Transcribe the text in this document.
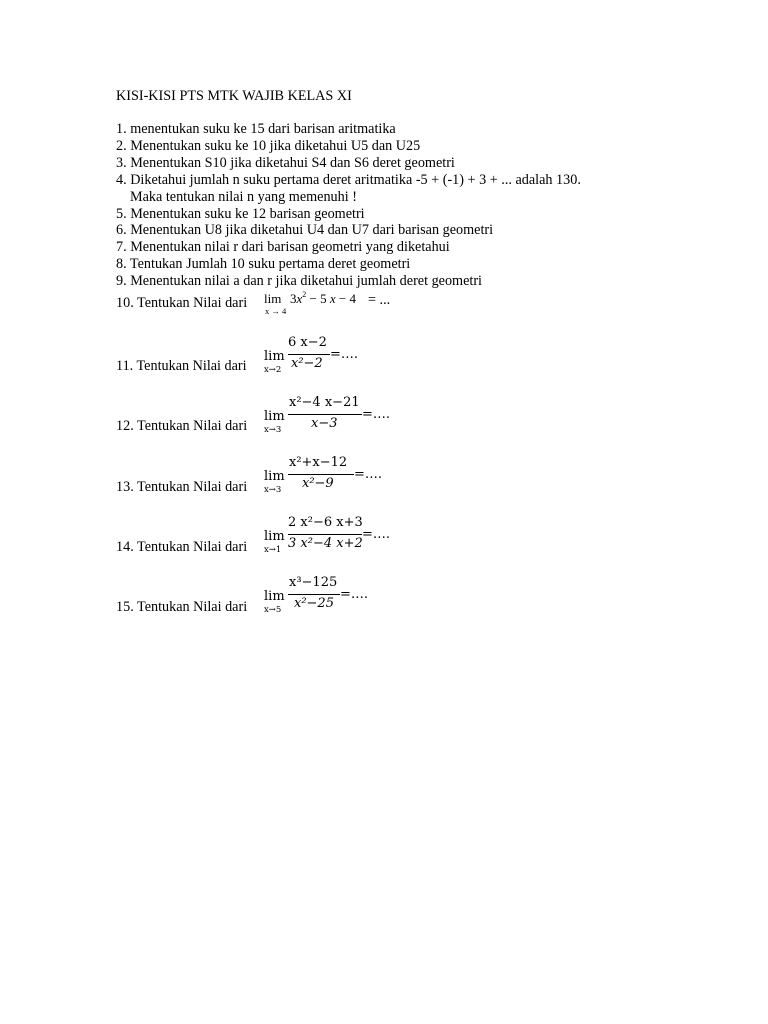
KISI-KISI PTS MTK WAJIB KELAS XI
1. menentukan suku ke 15 dari barisan aritmatika
2. Menentukan suku ke 10 jika diketahui U5 dan U25
3. Menentukan S10 jika diketahui S4 dan S6 deret geometri
4. Diketahui jumlah n suku pertama deret aritmatika -5 + (-1) + 3 + ... adalah 130.
Maka tentukan nilai n yang memenuhi !
5. Menentukan suku ke 12 barisan geometri
6. Menentukan U8 jika diketahui U4 dan U7 dari barisan geometri
7. Menentukan nilai r dari barisan geometri yang diketahui
8. Tentukan Jumlah 10 suku pertama deret geometri
9. Menentukan nilai a dan r jika diketahui jumlah deret geometri
10. Tentukan Nilai dari lim
x → 4
$3x^2 - 5$ x − 4 = ...
11. Tentukan Nilai dari
lim
x→2
6 x−2
x²−2
=….
12. Tentukan Nilai dari
lim
x→3
x²−4 x−21
x−3
=….
13. Tentukan Nilai dari
lim
x→3
x²+x−12
x²−9
=….
14. Tentukan Nilai dari
lim
x→1
2 x²−6 x+3
3 x²−4 x+2
=….
15. Tentukan Nilai dari
lim
x→5
x³−125
x²−25
=….
